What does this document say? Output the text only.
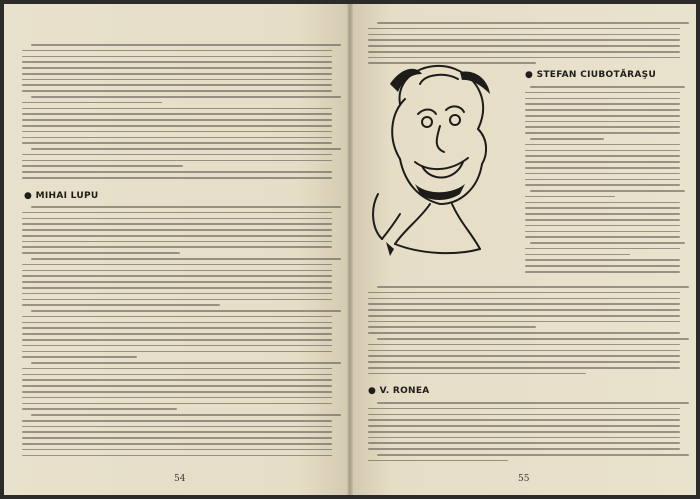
● MIHAI LUPU
54
● STEFAN CIUBOTĂRAŞU
● V. RONEA
55
